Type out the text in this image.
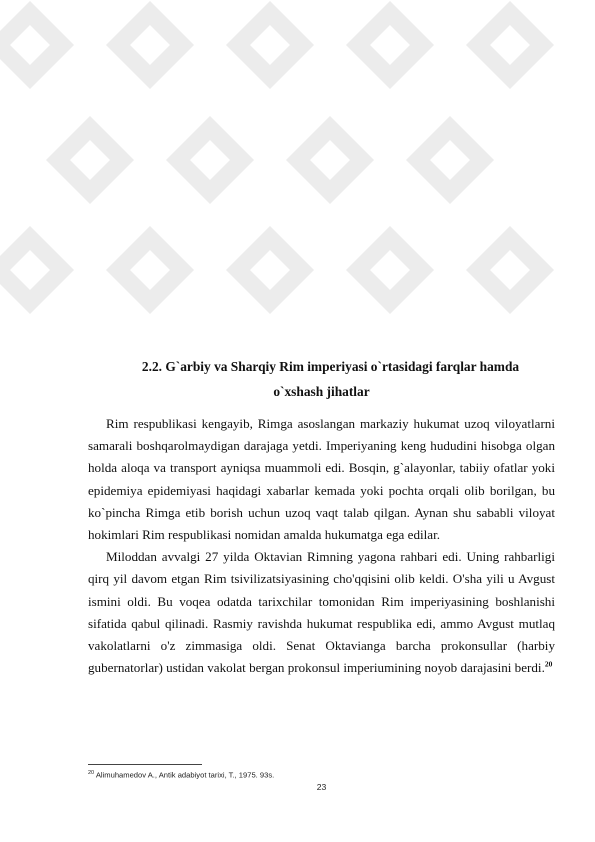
2.2. G`arbiy va Sharqiy Rim imperiyasi o`rtasidagi farqlar hamda
o`xshash jihatlar

Rim respublikasi kengayib, Rimga asoslangan markaziy hukumat uzoq viloyatlarni samarali boshqarolmaydigan darajaga yetdi. Imperiyaning keng hududini hisobga olgan holda aloqa va transport ayniqsa muammoli edi. Bosqin, g`alayonlar, tabiiy ofatlar yoki epidemiya epidemiyasi haqidagi xabarlar kemada yoki pochta orqali olib borilgan, bu ko`pincha Rimga etib borish uchun uzoq vaqt talab qilgan. Aynan shu sababli viloyat hokimlari Rim respublikasi nomidan amalda hukumatga ega edilar.

Miloddan avvalgi 27 yilda Oktavian Rimning yagona rahbari edi. Uning rahbarligi qirq yil davom etgan Rim tsivilizatsiyasining cho'qqisini olib keldi. O'sha yili u Avgust ismini oldi. Bu voqea odatda tarixchilar tomonidan Rim imperiyasining boshlanishi sifatida qabul qilinadi. Rasmiy ravishda hukumat respublika edi, ammo Avgust mutlaq vakolatlarni o'z zimmasiga oldi. Senat Oktavianga barcha prokonsullar (harbiy gubernatorlar) ustidan vakolat bergan prokonsul imperiumining noyob darajasini berdi.$^{20}$

$^{20}$ Alimuhamedov A., Antik adabiyot tarixi, T., 1975. 93s.
23
